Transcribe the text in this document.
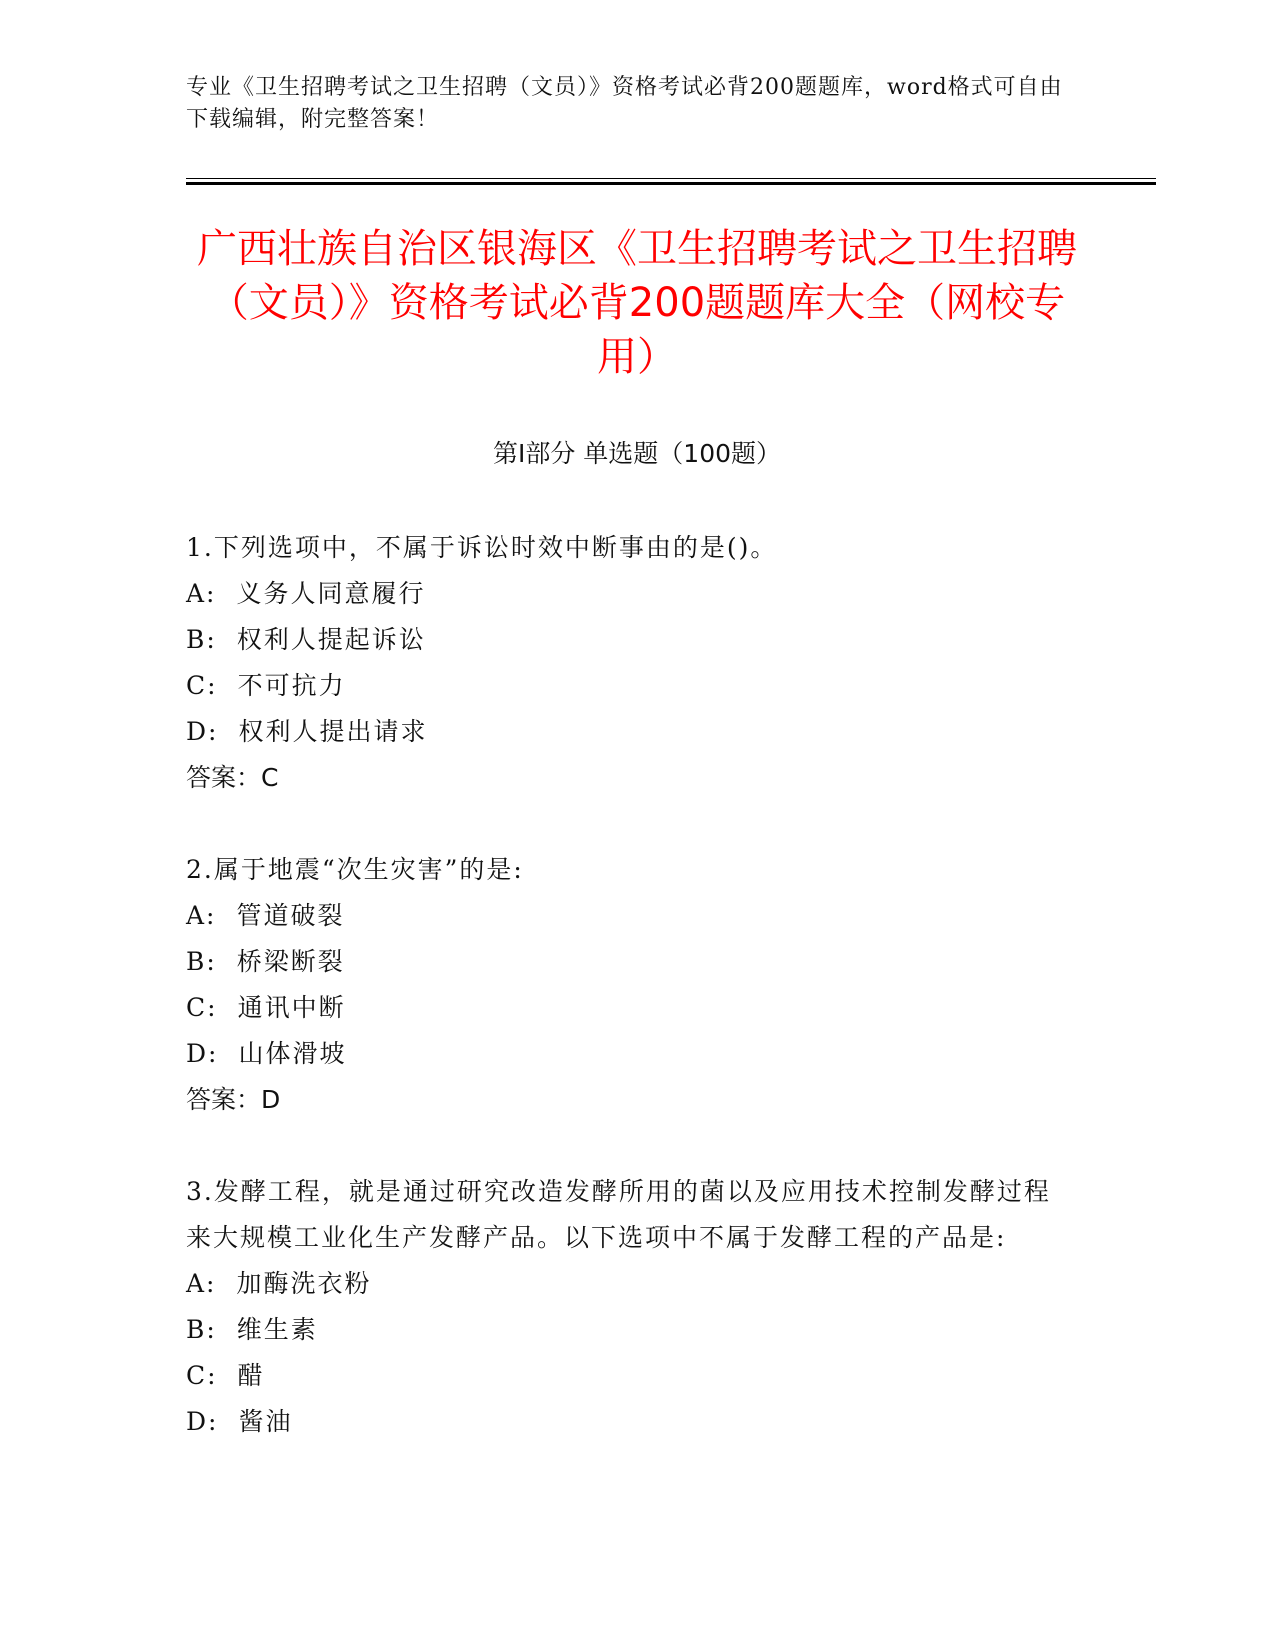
专业《卫生招聘考试之卫生招聘（文员）》资格考试必背200题题库，word格式可自由下载编辑，附完整答案！
广西壮族自治区银海区《卫生招聘考试之卫生招聘（文员）》资格考试必背200题题库大全（网校专用）
第I部分 单选题（100题）
1.下列选项中，不属于诉讼时效中断事由的是()。
A: 义务人同意履行
B: 权利人提起诉讼
C: 不可抗力
D: 权利人提出请求
答案：C
2.属于地震“次生灾害”的是:
A: 管道破裂
B: 桥梁断裂
C: 通讯中断
D: 山体滑坡
答案：D
3.发酵工程，就是通过研究改造发酵所用的菌以及应用技术控制发酵过程来大规模工业化生产发酵产品。以下选项中不属于发酵工程的产品是:
A: 加酶洗衣粉
B: 维生素
C: 醋
D: 酱油
